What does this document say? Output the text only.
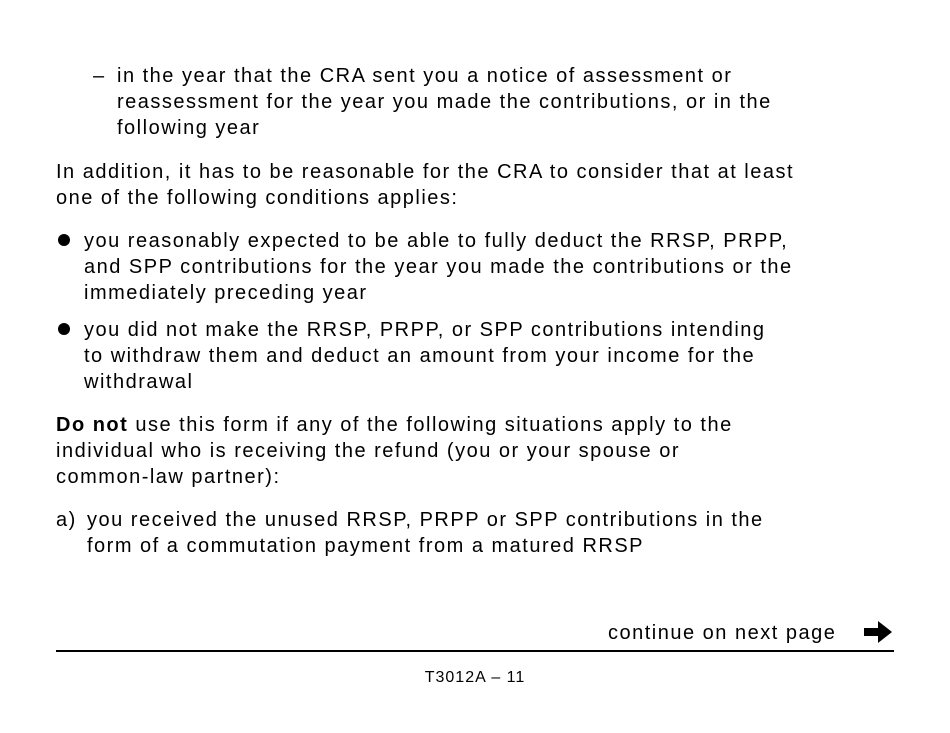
– in the year that the CRA sent you a notice of assessment or
reassessment for the year you made the contributions, or in the
following year
In addition, it has to be reasonable for the CRA to consider that at least
one of the following conditions applies:
you reasonably expected to be able to fully deduct the RRSP, PRPP,
and SPP contributions for the year you made the contributions or the
immediately preceding year
you did not make the RRSP, PRPP, or SPP contributions intending
to withdraw them and deduct an amount from your income for the
withdrawal
Do not use this form if any of the following situations apply to the
individual who is receiving the refund (you or your spouse or
common-law partner):
a) you received the unused RRSP, PRPP or SPP contributions in the
form of a commutation payment from a matured RRSP
continue on next page
T3012A – 11
